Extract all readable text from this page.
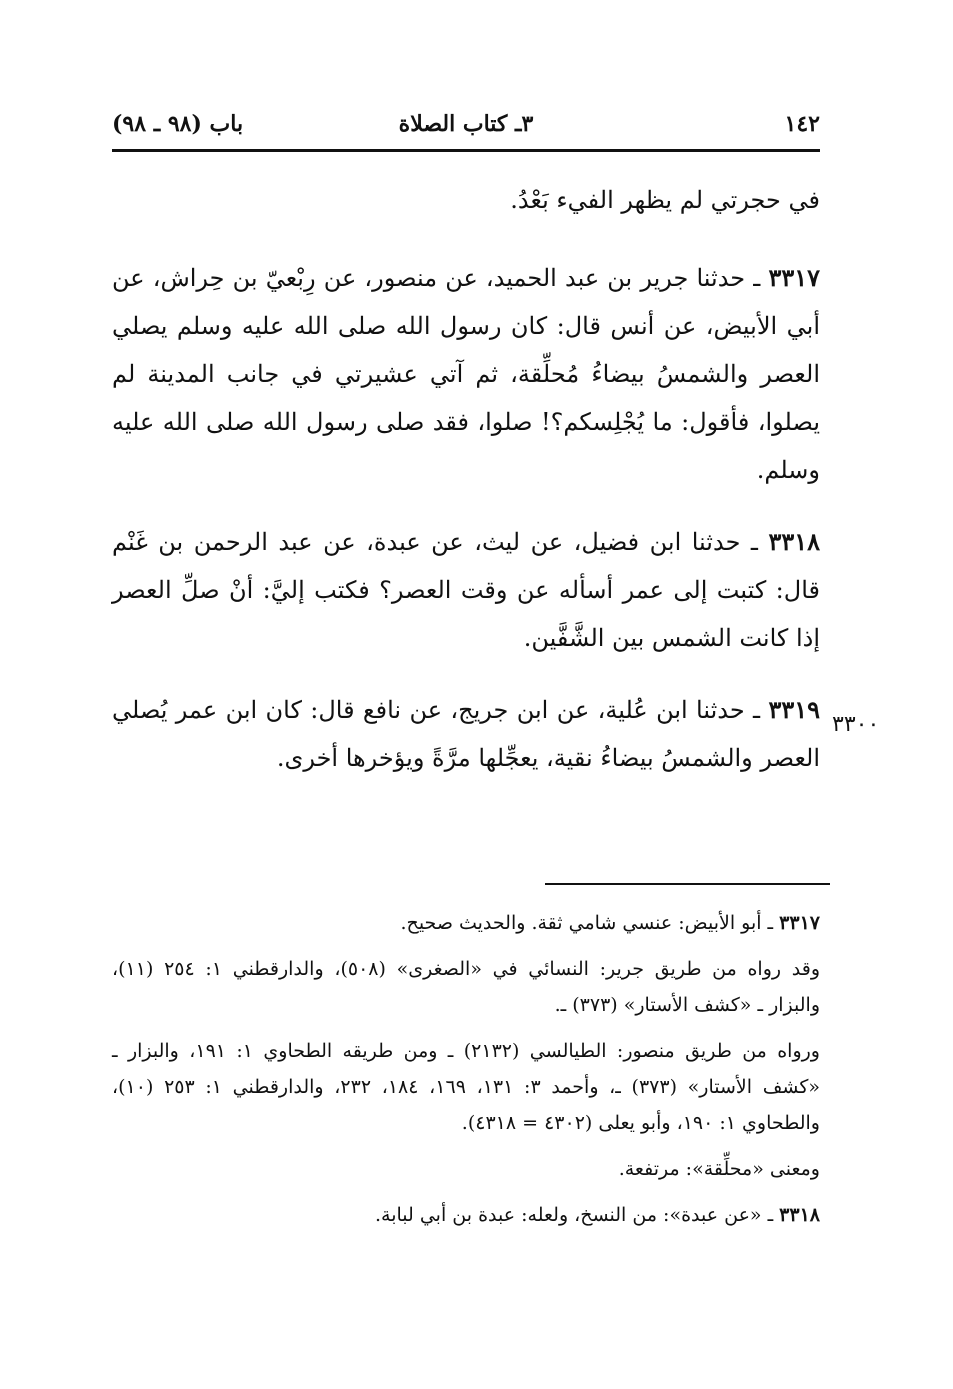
١٤٢
٣ـ كتاب الصلاة
باب (٩٨ ـ ٩٨)

في حجرتي لم يظهر الفيء بَعْدُ.

٣٣١٧ ـ حدثنا جرير بن عبد الحميد، عن منصور، عن رِبْعيّ بن حِراش، عن أبي الأبيض، عن أنس قال: كان رسول الله صلى الله عليه وسلم يصلي العصر والشمسُ بيضاءُ مُحلِّقة، ثم آتي عشيرتي في جانب المدينة لم يصلوا، فأقول: ما يُجْلِسكم؟! صلوا، فقد صلى رسول الله صلى الله عليه وسلم.

٣٣١٨ ـ حدثنا ابن فضيل، عن ليث، عن عبدة، عن عبد الرحمن بن غَنْم قال: كتبت إلى عمر أسأله عن وقت العصر؟ فكتب إليَّ: أنْ صلِّ العصر إذا كانت الشمس بين الشَّفَّين.

٣٣١٩ ـ حدثنا ابن عُلية، عن ابن جريج، عن نافع قال: كان ابن عمر يُصلي العصر والشمسُ بيضاءُ نقية، يعجِّلها مرَّةً ويؤخرها أخرى.

٣٣٠٠

٣٣١٧ ـ أبو الأبيض: عنسي شامي ثقة. والحديث صحيح.

وقد رواه من طريق جرير: النسائي في «الصغرى» (٥٠٨)، والدارقطني ١: ٢٥٤ (١١)، والبزار ـ «كشف الأستار» (٣٧٣) ـ.

ورواه من طريق منصور: الطيالسي (٢١٣٢) ـ ومن طريقه الطحاوي ١: ١٩١، والبزار ـ «كشف الأستار» (٣٧٣) ـ، وأحمد ٣: ١٣١، ١٦٩، ١٨٤، ٢٣٢، والدارقطني ١: ٢٥٣ (١٠)، والطحاوي ١: ١٩٠، وأبو يعلى (٤٣٠٢ = ٤٣١٨).

ومعنى «محلِّقة»: مرتفعة.

٣٣١٨ ـ «عن عبدة»: من النسخ، ولعله: عبدة بن أبي لبابة.
